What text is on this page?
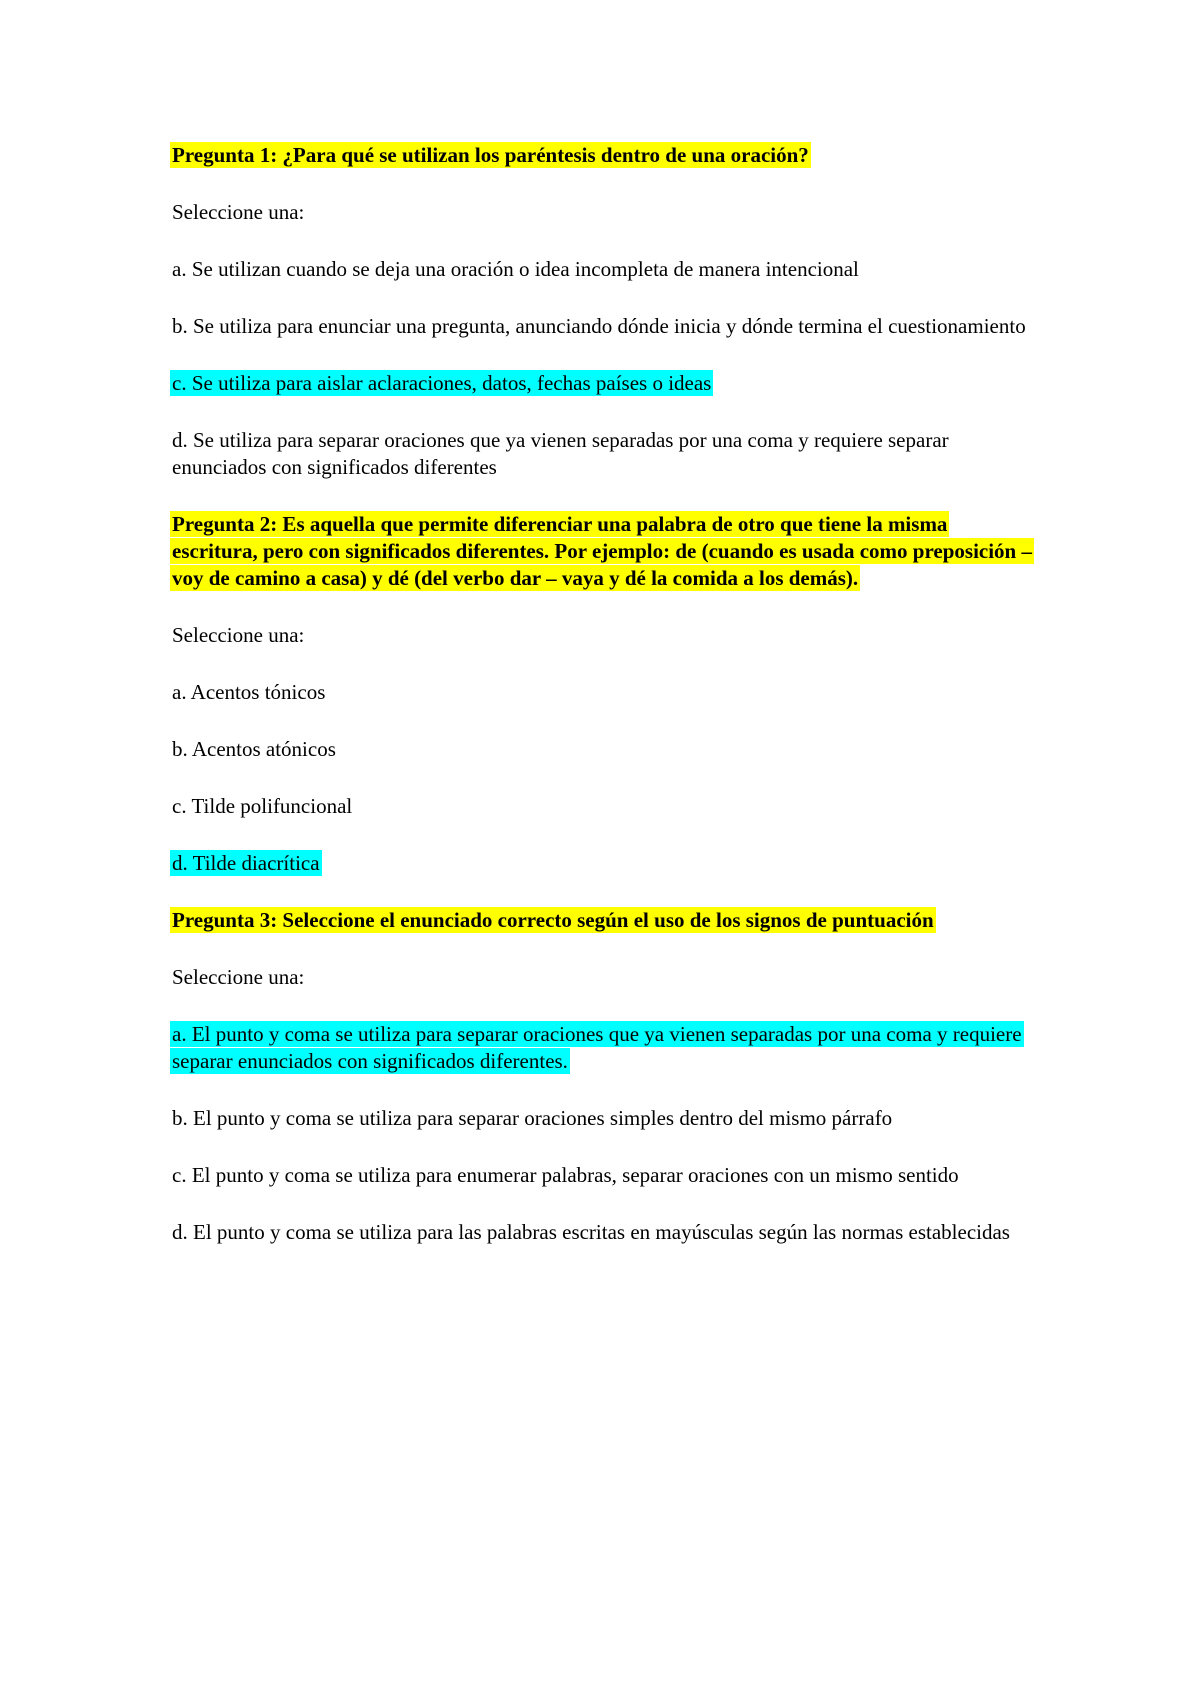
Pregunta 1: ¿Para qué se utilizan los paréntesis dentro de una oración?

Seleccione una:

a. Se utilizan cuando se deja una oración o idea incompleta de manera intencional

b. Se utiliza para enunciar una pregunta, anunciando dónde inicia y dónde termina el cuestionamiento

c. Se utiliza para aislar aclaraciones, datos, fechas países o ideas

d. Se utiliza para separar oraciones que ya vienen separadas por una coma y requiere separar enunciados con significados diferentes

Pregunta 2: Es aquella que permite diferenciar una palabra de otro que tiene la misma escritura, pero con significados diferentes. Por ejemplo: de (cuando es usada como preposición – voy de camino a casa) y dé (del verbo dar – vaya y dé la comida a los demás).

Seleccione una:

a. Acentos tónicos

b. Acentos atónicos

c. Tilde polifuncional

d. Tilde diacrítica

Pregunta 3: Seleccione el enunciado correcto según el uso de los signos de puntuación

Seleccione una:

a. El punto y coma se utiliza para separar oraciones que ya vienen separadas por una coma y requiere separar enunciados con significados diferentes.

b. El punto y coma se utiliza para separar oraciones simples dentro del mismo párrafo

c. El punto y coma se utiliza para enumerar palabras, separar oraciones con un mismo sentido

d. El punto y coma se utiliza para las palabras escritas en mayúsculas según las normas establecidas
